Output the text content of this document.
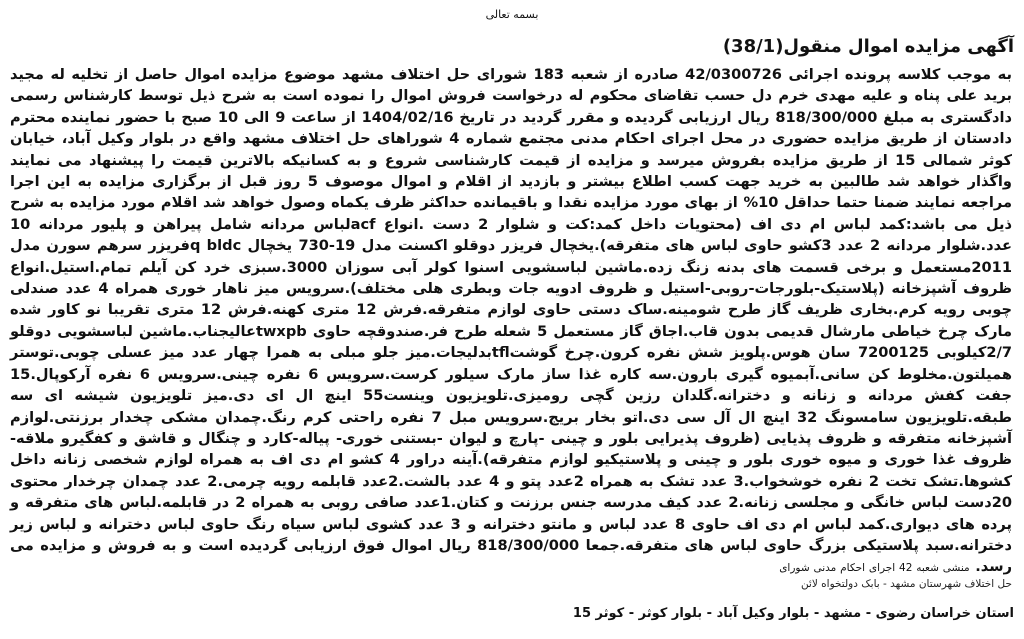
بسمه تعالی
آگهی مزایده اموال منقول(38/1)
به موجب کلاسه پرونده اجرائی 42/0300726 صادره از شعبه 183 شورای حل اختلاف مشهد موضوع مزایده اموال حاصل از تخلیه له مجید برید علی پناه و علیه مهدی خرم دل حسب تقاضای محکوم له درخواست فروش اموال را نموده است به شرح ذیل توسط کارشناس رسمی دادگستری به مبلغ 818/300/000 ریال ارزیابی گردیده و مقرر گردید در تاریخ 1404/02/16 از ساعت 9 الی 10 صبح با حضور نماینده محترم دادستان از طریق مزایده حضوری در محل اجرای احکام مدنی مجتمع شماره 4 شوراهای حل اختلاف مشهد واقع در بلوار وکیل آباد، خیابان کوثر شمالی 15 از طریق مزایده بفروش میرسد و مزایده از قیمت کارشناسی شروع و به کسانیکه بالاترین قیمت را پیشنهاد می نمایند واگذار خواهد شد طالبین به خرید جهت کسب اطلاع بیشتر و بازدید از اقلام و اموال موصوف 5 روز قبل از برگزاری مزایده به این اجرا مراجعه نمایند ضمنا حتما حداقل 10% از بهای مورد مزایده نقدا و باقیمانده حداکثر ظرف یکماه وصول خواهد شد اقلام مورد مزایده به شرح ذیل می باشد:کمد لباس ام دی اف (محتویات داخل کمد:کت و شلوار 2 دست .انواع acfلباس مردانه شامل پیراهن و پلیور مردانه 10 عدد.شلوار مردانه 2 عدد 3کشو حاوی لباس های متفرقه).یخچال فریزر دوقلو اکسنت مدل 19-730 یخچال q bldcفریزر سرهم سورن مدل 2011مستعمل و برخی قسمت های بدنه زنگ زده.ماشین لباسشویی اسنوا کولر آبی سوزان 3000.سبزی خرد کن آیلم تمام.استیل.انواع ظروف آشپزخانه (پلاستیک-بلورجات-روبی-استیل و ظروف ادویه جات وبطری هلی مختلف).سرویس میز ناهار خوری همراه 4 عدد صندلی چوبی رویه کرم.بخاری ظریف گاز طرح شومینه.ساک دستی حاوی لوازم متفرقه.فرش 12 متری کهنه.فرش 12 متری تقریبا نو کاور شده مارک چرخ خیاطی مارشال قدیمی بدون قاب.اجاق گاز مستعمل 5 شعله طرح فر.صندوقچه حاوی twxpbعالیجناب.ماشین لباسشویی دوقلو 2/7کیلوبی 7200125 سان هوس.پلویز شش نفره کرون.چرخ گوشتtflبدلیجات.میز جلو مبلی به همرا چهار عدد میز عسلی چوبی.توستر همیلتون.مخلوط کن سانی.آبمیوه گیری بارون.سه کاره غذا ساز مارک سیلور کرست.سرویس 6 نفره چینی.سرویس 6 نفره آرکوپال.15 جفت کفش مردانه و زنانه و دخترانه.گلدان رزین گچی رومیزی.تلویزیون وینست55 اینچ ال ای دی.میز تلویزیون شیشه ای سه طبقه.تلویزیون سامسونگ 32 اینچ ال آل سی دی.اتو بخار بریج.سرویس مبل 7 نفره راحتی کرم رنگ.چمدان مشکی چخدار برزنتی.لوازم آشپزخانه متفرقه و ظروف پذیایی (ظروف پذیرایی بلور و چینی -پارچ و لیوان -بستنی خوری- پیاله-کارد و چنگال و قاشق و کفگیرو ملاقه-ظروف غذا خوری و میوه خوری بلور و چینی و پلاستیکیو لوازم متفرقه).آینه دراور 4 کشو ام دی اف به همراه لوازم شخصی زنانه داخل کشوها.تشک تخت 2 نفره خوشخواب.3 عدد تشک به همراه 2عدد پتو و 4 عدد بالشت.2عدد قابلمه رویه چرمی.2 عدد چمدان چرخدار محتوی 20دست لباس خانگی و مجلسی زنانه.2 عدد کیف مدرسه جنس برزنت و کتان.1عدد صافی روبی به همراه 2 در قابلمه.لباس های متفرقه و پرده های دیواری.کمد لباس ام دی اف حاوی 8 عدد لباس و مانتو دخترانه و 3 عدد کشوی لباس سیاه رنگ حاوی لباس دخترانه و لباس زیر دخترانه.سبد پلاستیکی بزرگ حاوی لباس های متفرقه.جمعا 818/300/000 ریال اموال فوق ارزیابی گردیده است و به فروش و مزایده می رسد. منشی شعبه 42 اجرای احکام مدنی شورای
حل اختلاف شهرستان مشهد - بابک دولتخواه لائن
استان خراسان رضوی - مشهد - بلوار وکیل آباد - بلوار کوثر - کوثر 15
